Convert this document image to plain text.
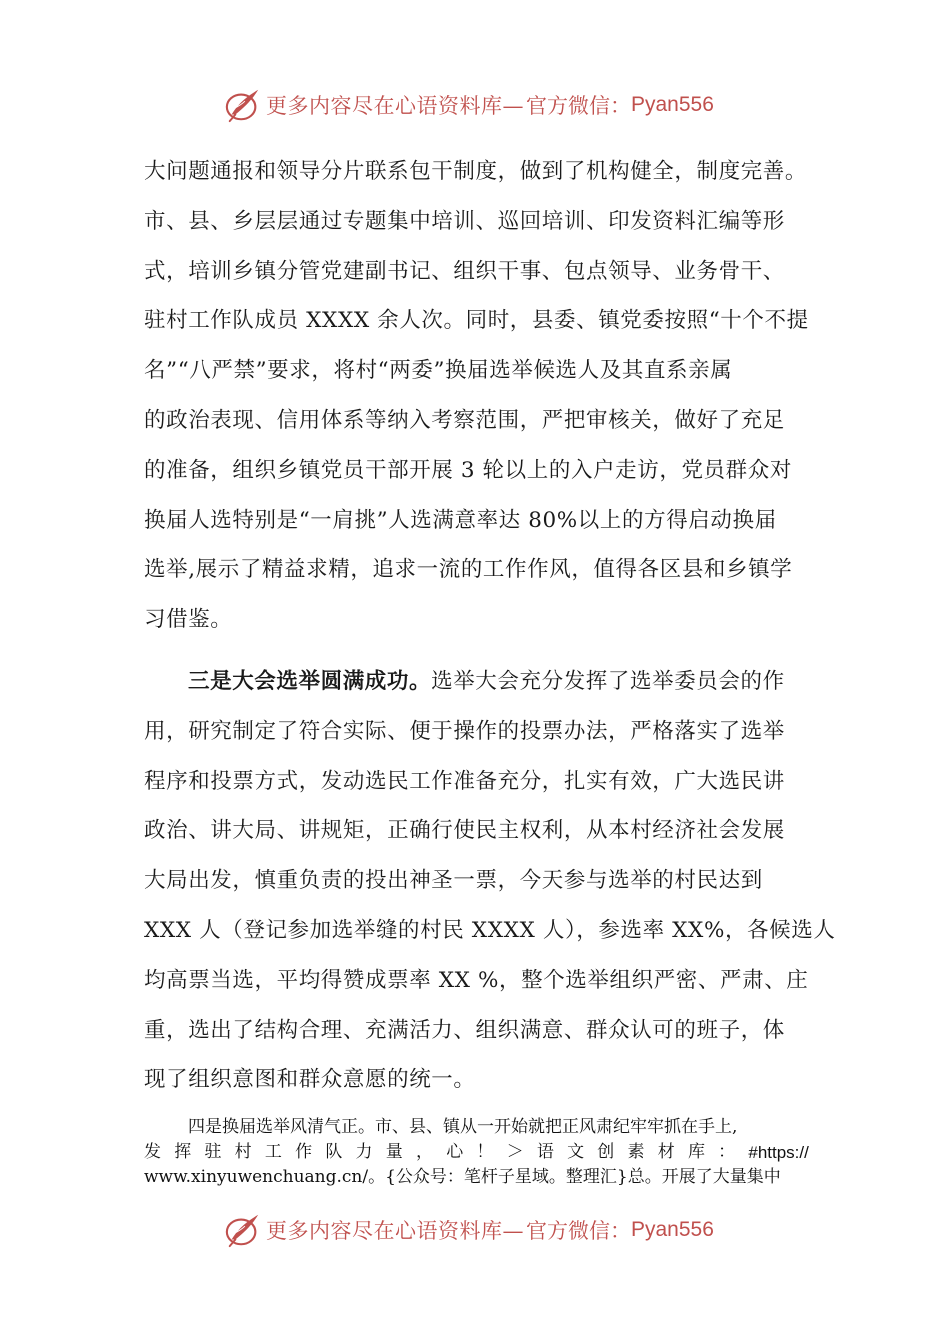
更多内容尽在心语资料库— 官方微信： Pyan556
大问题通报和领导分片联系包干制度，做到了机构健全，制度完善。
市、县、乡层层通过专题集中培训、巡回培训、印发资料汇编等形
式，培训乡镇分管党建副书记、组织干事、包点领导、业务骨干、
驻村工作队成员 XXXX 余人次。同时，县委、镇党委按照“十个不提
名”“八严禁”要求，将村“两委”换届选举候选人及其直系亲属
的政治表现、信用体系等纳入考察范围，严把审核关，做好了充足
的准备，组织乡镇党员干部开展 3 轮以上的入户走访，党员群众对
换届人选特别是“一肩挑”人选满意率达 80%以上的方得启动换届
选举,展示了精益求精，追求一流的工作作风，值得各区县和乡镇学
习借鉴。
三是大会选举圆满成功。选举大会充分发挥了选举委员会的作
用，研究制定了符合实际、便于操作的投票办法，严格落实了选举
程序和投票方式，发动选民工作准备充分，扎实有效，广大选民讲
政治、讲大局、讲规矩，正确行使民主权利，从本村经济社会发展
大局出发，慎重负责的投出神圣一票，今天参与选举的村民达到
XXX 人（登记参加选举缝的村民 XXXX 人），参选率 XX%，各候选人
均高票当选，平均得赞成票率 XX %，整个选举组织严密、严肃、庄
重，选出了结构合理、充满活力、组织满意、群众认可的班子，体
现了组织意图和群众意愿的统一。
四是换届选举风清气正。市、县、镇从一开始就把正风肃纪牢牢抓在手上,
发 挥 驻 村 工 作 队 力 量 ， 心 ！ ＞ 语 文 创 素 材 库 ： #https://
www.xinyuwenchuang.cn/。{公众号：笔杆子星域。整理汇}总。开展了大量集中
更多内容尽在心语资料库— 官方微信： Pyan556
